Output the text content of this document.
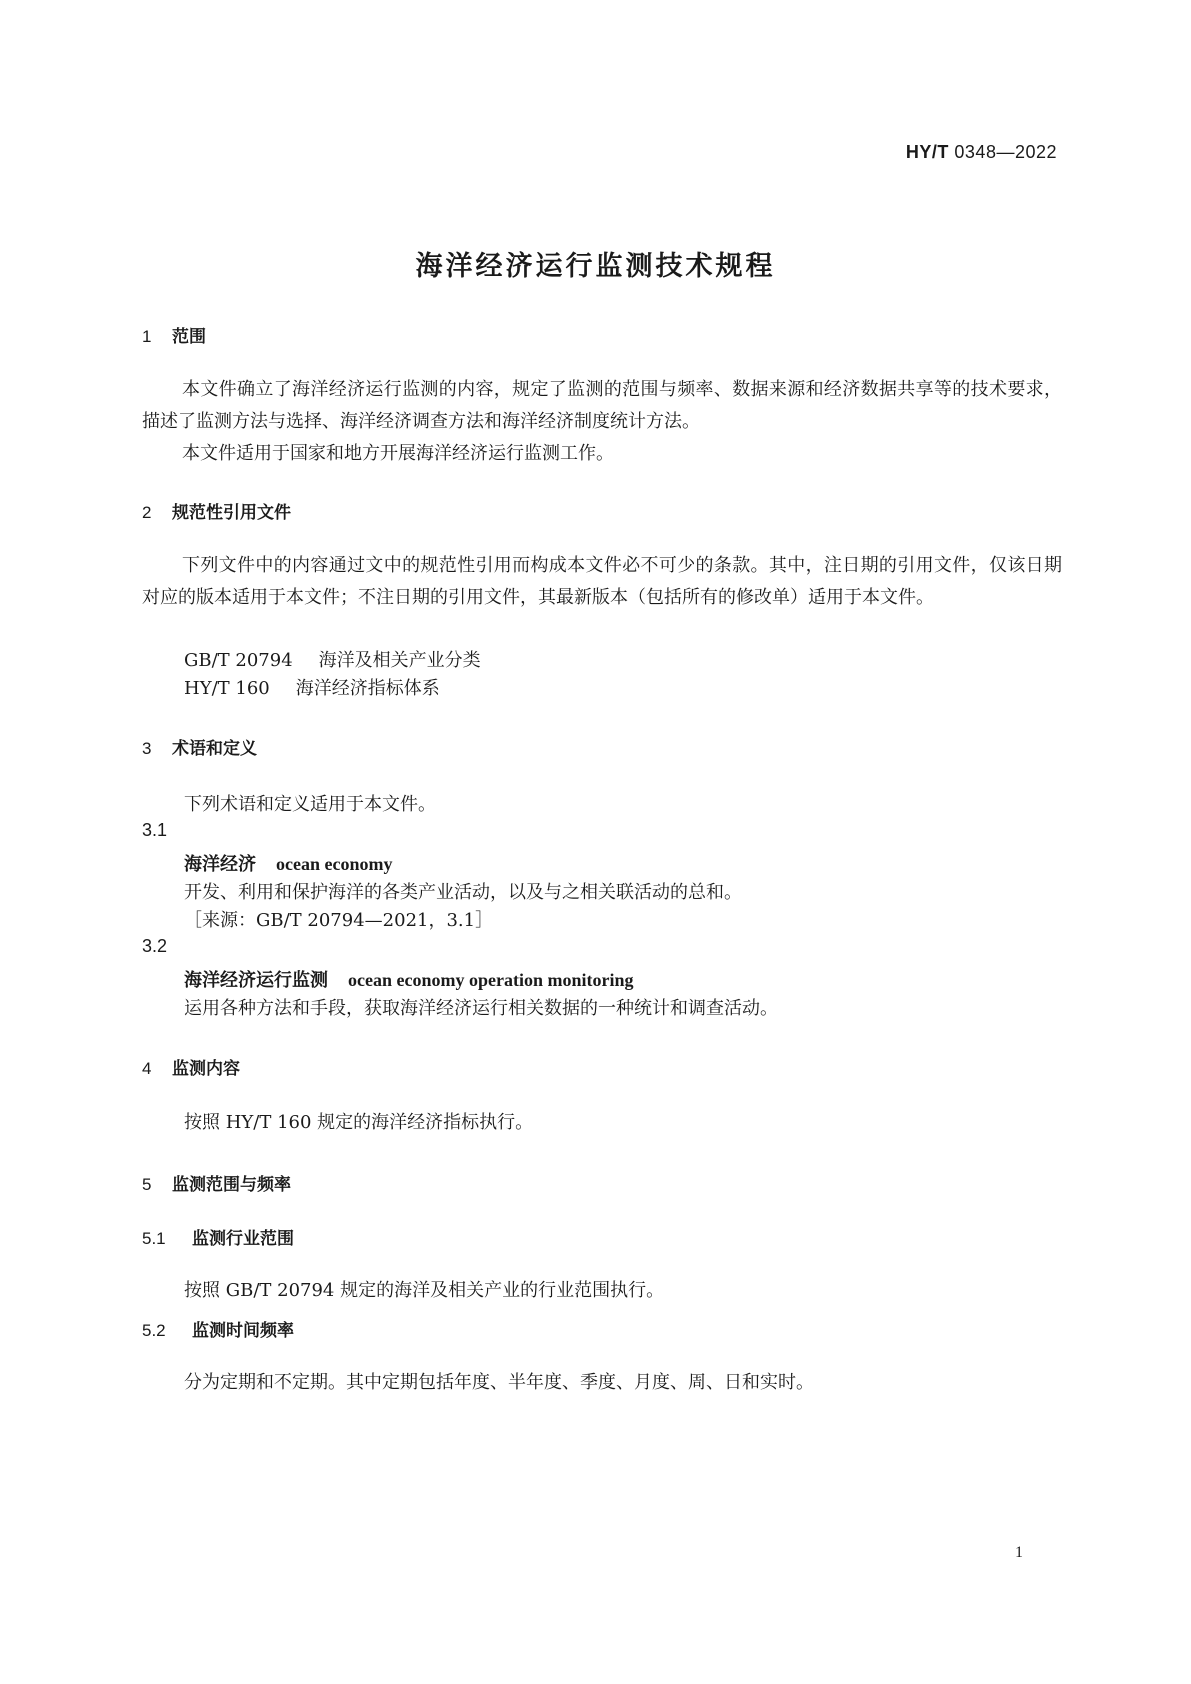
HY/T 0348—2022
海洋经济运行监测技术规程
1 范围
本文件确立了海洋经济运行监测的内容，规定了监测的范围与频率、数据来源和经济数据共享等的技术要求，描述了监测方法与选择、海洋经济调查方法和海洋经济制度统计方法。
本文件适用于国家和地方开展海洋经济运行监测工作。
2 规范性引用文件
下列文件中的内容通过文中的规范性引用而构成本文件必不可少的条款。其中，注日期的引用文件，仅该日期对应的版本适用于本文件；不注日期的引用文件，其最新版本（包括所有的修改单）适用于本文件。
GB/T 20794 海洋及相关产业分类
HY/T 160 海洋经济指标体系
3 术语和定义
下列术语和定义适用于本文件。
3.1
海洋经济 ocean economy
开发、利用和保护海洋的各类产业活动，以及与之相关联活动的总和。
［来源：GB/T 20794—2021，3.1］
3.2
海洋经济运行监测 ocean economy operation monitoring
运用各种方法和手段，获取海洋经济运行相关数据的一种统计和调查活动。
4 监测内容
按照 HY/T 160 规定的海洋经济指标执行。
5 监测范围与频率
5.1 监测行业范围
按照 GB/T 20794 规定的海洋及相关产业的行业范围执行。
5.2 监测时间频率
分为定期和不定期。其中定期包括年度、半年度、季度、月度、周、日和实时。
1
